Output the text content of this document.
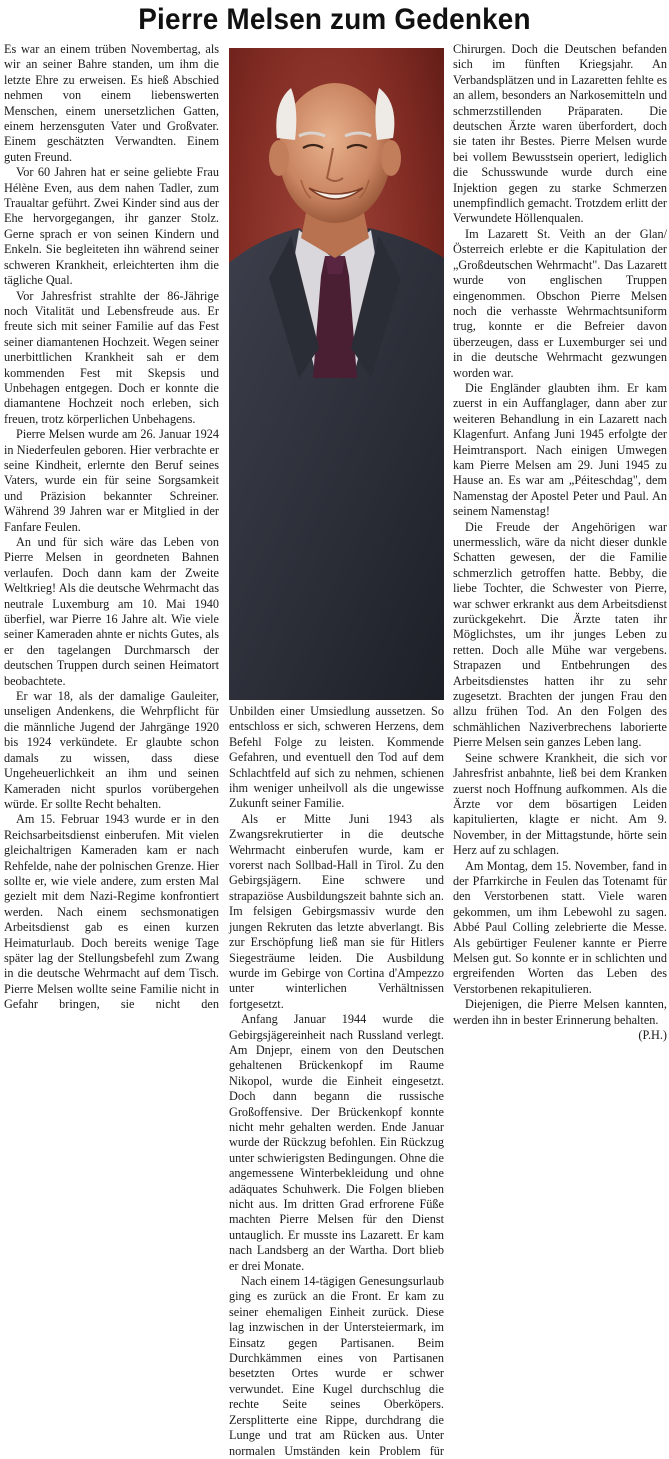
Pierre Melsen zum Gedenken

Es war an einem trüben Novembertag, als wir an seiner Bahre standen, um ihm die letzte Ehre zu erweisen. Es hieß Abschied nehmen von einem liebenswerten Menschen, einem unersetzlichen Gatten, einem herzensguten Vater und Großvater. Einem geschätzten Verwandten. Einem guten Freund.

Vor 60 Jahren hat er seine geliebte Frau Hélène Even, aus dem nahen Tadler, zum Traualtar geführt. Zwei Kinder sind aus der Ehe hervorgegangen, ihr ganzer Stolz. Gerne sprach er von seinen Kindern und Enkeln. Sie begleiteten ihn während seiner schweren Krankheit, erleichterten ihm die tägliche Qual.

Vor Jahresfrist strahlte der 86-Jährige noch Vitalität und Lebensfreude aus. Er freute sich mit seiner Familie auf das Fest seiner diamantenen Hochzeit. Wegen seiner unerbittlichen Krankheit sah er dem kommenden Fest mit Skepsis und Unbehagen entgegen. Doch er konnte die diamantene Hochzeit noch erleben, sich freuen, trotz körperlichen Unbehagens.

Pierre Melsen wurde am 26. Januar 1924 in Niederfeulen geboren. Hier verbrachte er seine Kindheit, erlernte den Beruf seines Vaters, wurde ein für seine Sorgsamkeit und Präzision bekannter Schreiner. Während 39 Jahren war er Mitglied in der Fanfare Feulen.

An und für sich wäre das Leben von Pierre Melsen in geordneten Bahnen verlaufen. Doch dann kam der Zweite Weltkrieg! Als die deutsche Wehrmacht das neutrale Luxemburg am 10. Mai 1940 überfiel, war Pierre 16 Jahre alt. Wie viele seiner Kameraden ahnte er nichts Gutes, als er den tagelangen Durchmarsch der deutschen Truppen durch seinen Heimatort beobachtete.

Er war 18, als der damalige Gauleiter, unseligen Andenkens, die Wehrpflicht für die männliche Jugend der Jahrgänge 1920 bis 1924 verkündete. Er glaubte schon damals zu wissen, dass diese Ungeheuerlichkeit an ihm und seinen Kameraden nicht spurlos vorübergehen würde. Er sollte Recht behalten.

Am 15. Februar 1943 wurde er in den Reichsarbeitsdienst einberufen. Mit vielen gleichaltrigen Kameraden kam er nach Rehfelde, nahe der polnischen Grenze. Hier sollte er, wie viele andere, zum ersten Mal gezielt mit dem Nazi-Regime konfrontiert werden. Nach einem sechsmonatigen Arbeitsdienst gab es einen kurzen Heimaturlaub. Doch bereits wenige Tage später lag der Stellungsbefehl zum Zwang in die deutsche Wehrmacht auf dem Tisch. Pierre Melsen wollte seine Familie nicht in Gefahr bringen, sie nicht den

Unbilden einer Umsiedlung aussetzen. So entschloss er sich, schweren Herzens, dem Befehl Folge zu leisten. Kommende Gefahren, und eventuell den Tod auf dem Schlachtfeld auf sich zu nehmen, schienen ihm weniger unheilvoll als die ungewisse Zukunft seiner Familie.

Als er Mitte Juni 1943 als Zwangsrekrutierter in die deutsche Wehrmacht einberufen wurde, kam er vorerst nach Sollbad-Hall in Tirol. Zu den Gebirgsjägern. Eine schwere und strapaziöse Ausbildungszeit bahnte sich an. Im felsigen Gebirgsmassiv wurde den jungen Rekruten das letzte abverlangt. Bis zur Erschöpfung ließ man sie für Hitlers Siegesträume leiden. Die Ausbildung wurde im Gebirge von Cortina d'Ampezzo unter winterlichen Verhältnissen fortgesetzt.

Anfang Januar 1944 wurde die Gebirgsjägereinheit nach Russland verlegt. Am Dnjepr, einem von den Deutschen gehaltenen Brückenkopf im Raume Nikopol, wurde die Einheit eingesetzt. Doch dann begann die russische Großoffensive. Der Brückenkopf konnte nicht mehr gehalten werden. Ende Januar wurde der Rückzug befohlen. Ein Rückzug unter schwierigsten Bedingungen. Ohne die angemessene Winterbekleidung und ohne adäquates Schuhwerk. Die Folgen blieben nicht aus. Im dritten Grad erfrorene Füße machten Pierre Melsen für den Dienst untauglich. Er musste ins Lazarett. Er kam nach Landsberg an der Wartha. Dort blieb er drei Monate.

Nach einem 14-tägigen Genesungsurlaub ging es zurück an die Front. Er kam zu seiner ehemaligen Einheit zurück. Diese lag inzwischen in der Untersteiermark, im Einsatz gegen Partisanen. Beim Durchkämmen eines von Partisanen besetzten Ortes wurde er schwer verwundet. Eine Kugel durchschlug die rechte Seite seines Oberköpers. Zersplitterte eine Rippe, durchdrang die Lunge und trat am Rücken aus. Unter normalen Umständen kein Problem für

Chirurgen. Doch die Deutschen befanden sich im fünften Kriegsjahr. An Verbandsplätzen und in Lazaretten fehlte es an allem, besonders an Narkosemitteln und schmerzstillenden Präparaten. Die deutschen Ärzte waren überfordert, doch sie taten ihr Bestes. Pierre Melsen wurde bei vollem Bewusstsein operiert, lediglich die Schusswunde wurde durch eine Injektion gegen zu starke Schmerzen unempfindlich gemacht. Trotzdem erlitt der Verwundete Höllenqualen.

Im Lazarett St. Veith an der Glan/Österreich erlebte er die Kapitulation der „Großdeutschen Wehrmacht". Das Lazarett wurde von englischen Truppen eingenommen. Obschon Pierre Melsen noch die verhasste Wehrmachtsuniform trug, konnte er die Befreier davon überzeugen, dass er Luxemburger sei und in die deutsche Wehrmacht gezwungen worden war.

Die Engländer glaubten ihm. Er kam zuerst in ein Auffanglager, dann aber zur weiteren Behandlung in ein Lazarett nach Klagenfurt. Anfang Juni 1945 erfolgte der Heimtransport. Nach einigen Umwegen kam Pierre Melsen am 29. Juni 1945 zu Hause an. Es war am „Péiteschdag", dem Namenstag der Apostel Peter und Paul. An seinem Namenstag!

Die Freude der Angehörigen war unermesslich, wäre da nicht dieser dunkle Schatten gewesen, der die Familie schmerzlich getroffen hatte. Bebby, die liebe Tochter, die Schwester von Pierre, war schwer erkrankt aus dem Arbeitsdienst zurückgekehrt. Die Ärzte taten ihr Möglichstes, um ihr junges Leben zu retten. Doch alle Mühe war vergebens. Strapazen und Entbehrungen des Arbeitsdienstes hatten ihr zu sehr zugesetzt. Brachten der jungen Frau den allzu frühen Tod. An den Folgen des schmählichen Naziverbrechens laborierte Pierre Melsen sein ganzes Leben lang.

Seine schwere Krankheit, die sich vor Jahresfrist anbahnte, ließ bei dem Kranken zuerst noch Hoffnung aufkommen. Als die Ärzte vor dem bösartigen Leiden kapitulierten, klagte er nicht. Am 9. November, in der Mittagstunde, hörte sein Herz auf zu schlagen.

Am Montag, dem 15. November, fand in der Pfarrkirche in Feulen das Totenamt für den Verstorbenen statt. Viele waren gekommen, um ihm Lebewohl zu sagen. Abbé Paul Colling zelebrierte die Messe. Als gebürtiger Feulener kannte er Pierre Melsen gut. So konnte er in schlichten und ergreifenden Worten das Leben des Verstorbenen rekapitulieren.

Diejenigen, die Pierre Melsen kannten, werden ihn in bester Erinnerung behalten.
(P.H.)
